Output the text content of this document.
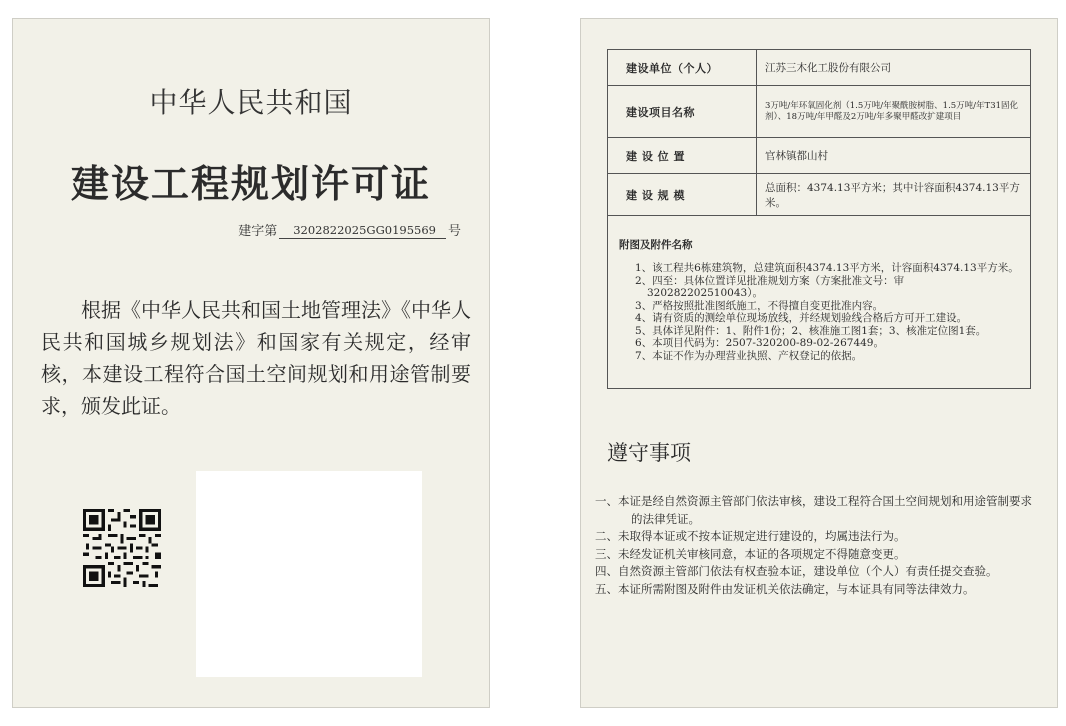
中华人民共和国
建设工程规划许可证
建字第	3202822025GG0195569 号
根据《中华人民共和国土地管理法》《中华人民共和国城乡规划法》和国家有关规定，经审核，本建设工程符合国土空间规划和用途管制要求，颁发此证。
建设单位（个人）	江苏三木化工股份有限公司
建设项目名称	3万吨/年环氧固化剂（1.5万吨/年聚酰胺树脂、1.5万吨/年T31固化剂）、18万吨/年甲醛及2万吨/年多聚甲醛改扩建项目
建 设 位 置	官林镇都山村
建 设 规 模	总面积：4374.13平方米；其中计容面积4374.13平方米。
附图及附件名称
1、该工程共6栋建筑物，总建筑面积4374.13平方米，计容面积4374.13平方米。
2、四至：具体位置详见批准规划方案（方案批准文号：审320282202510043）。
3、严格按照批准图纸施工，不得擅自变更批准内容。
4、请有资质的测绘单位现场放线，并经规划验线合格后方可开工建设。
5、具体详见附件：1、附件1份；2、核准施工图1套；3、核准定位图1套。
6、本项目代码为：2507-320200-89-02-267449。
7、本证不作为办理营业执照、产权登记的依据。
遵守事项
一、本证是经自然资源主管部门依法审核，建设工程符合国土空间规划和用途管制要求的法律凭证。
二、未取得本证或不按本证规定进行建设的，均属违法行为。
三、未经发证机关审核同意，本证的各项规定不得随意变更。
四、自然资源主管部门依法有权查验本证，建设单位（个人）有责任提交查验。
五、本证所需附图及附件由发证机关依法确定，与本证具有同等法律效力。
